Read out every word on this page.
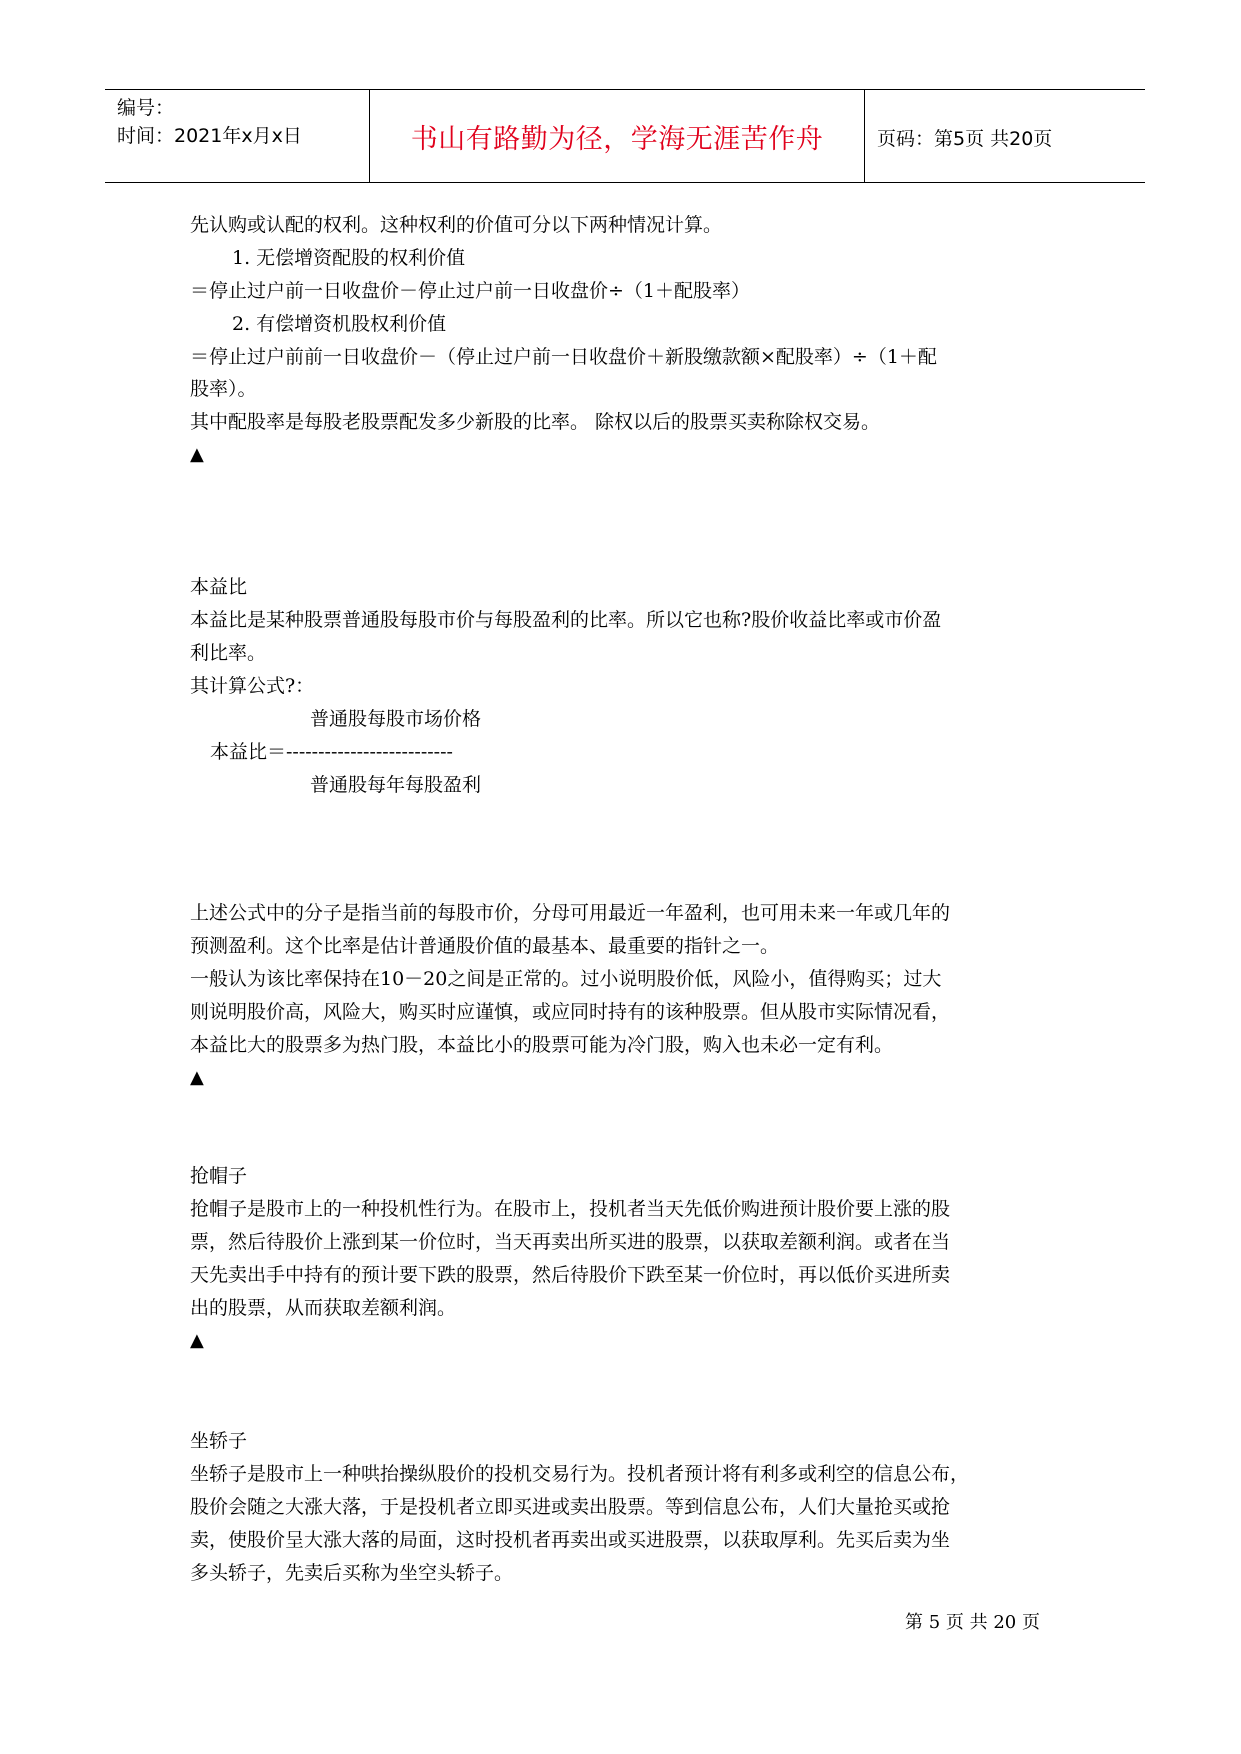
编号：
时间：2021年x月x日	书山有路勤为径，学海无涯苦作舟	页码：第5页 共20页
先认购或认配的权利。这种权利的价值可分以下两种情况计算。
1. 无偿增资配股的权利价值
＝停止过户前一日收盘价－停止过户前一日收盘价÷（1＋配股率）
2. 有偿增资机股权利价值
＝停止过户前前一日收盘价－（停止过户前一日收盘价＋新股缴款额×配股率）÷（1＋配
股率）。
其中配股率是每股老股票配发多少新股的比率。 除权以后的股票买卖称除权交易。
▲
本益比
本益比是某种股票普通股每股市价与每股盈利的比率。所以它也称?股价收益比率或市价盈
利比率。
其计算公式?：
普通股每股市场价格
本益比＝--------------------------
普通股每年每股盈利
上述公式中的分子是指当前的每股市价，分母可用最近一年盈利，也可用未来一年或几年的
预测盈利。这个比率是估计普通股价值的最基本、最重要的指针之一。
一般认为该比率保持在10－20之间是正常的。过小说明股价低，风险小，值得购买；过大
则说明股价高，风险大，购买时应谨慎，或应同时持有的该种股票。但从股市实际情况看，
本益比大的股票多为热门股，本益比小的股票可能为冷门股，购入也未必一定有利。
▲
抢帽子
抢帽子是股市上的一种投机性行为。在股市上，投机者当天先低价购进预计股价要上涨的股
票，然后待股价上涨到某一价位时，当天再卖出所买进的股票，以获取差额利润。或者在当
天先卖出手中持有的预计要下跌的股票，然后待股价下跌至某一价位时，再以低价买进所卖
出的股票，从而获取差额利润。
▲
坐轿子
坐轿子是股市上一种哄抬操纵股价的投机交易行为。投机者预计将有利多或利空的信息公布，
股价会随之大涨大落，于是投机者立即买进或卖出股票。等到信息公布，人们大量抢买或抢
卖，使股价呈大涨大落的局面，这时投机者再卖出或买进股票，以获取厚利。先买后卖为坐
多头轿子，先卖后买称为坐空头轿子。
第 5 页 共 20 页
